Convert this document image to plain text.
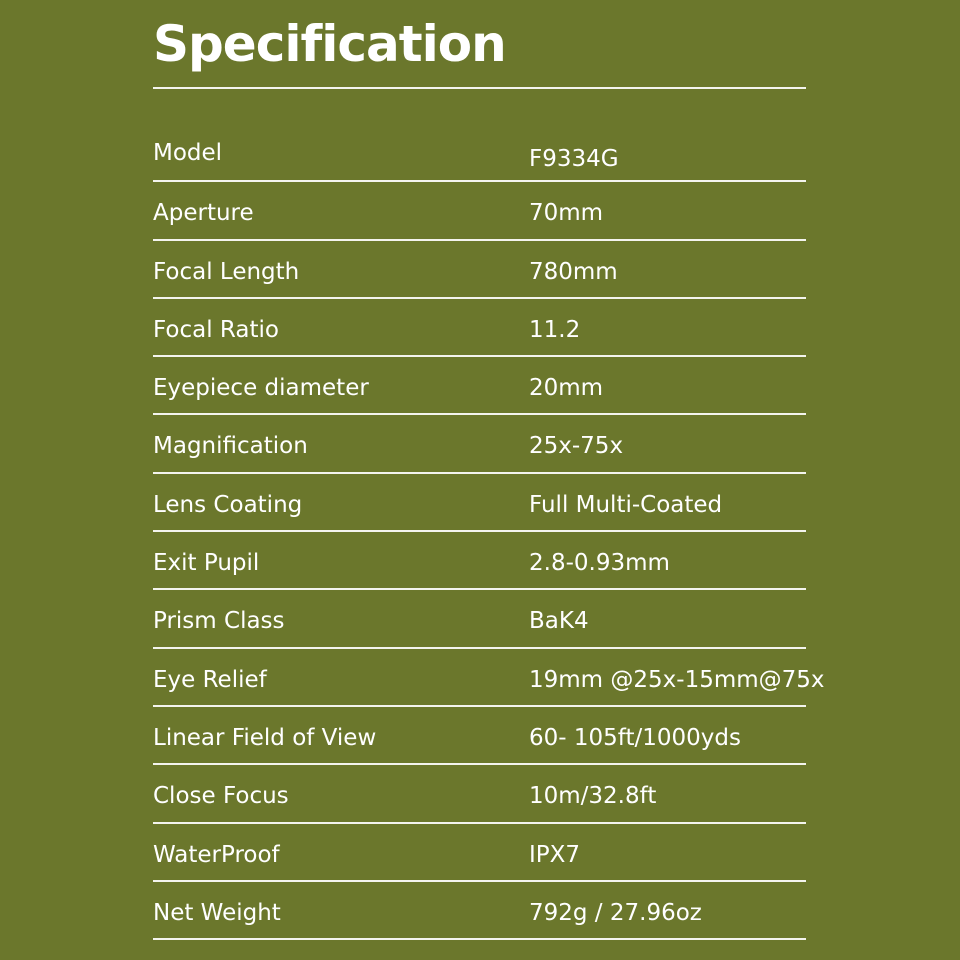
Specification
Model	F9334G
Aperture	70mm
Focal Length	780mm
Focal Ratio	11.2
Eyepiece diameter	20mm
Magnification	25x-75x
Lens Coating	Full Multi-Coated
Exit Pupil	2.8-0.93mm
Prism Class	BaK4
Eye Relief	19mm @25x-15mm@75x
Linear Field of View	60- 105ft/1000yds
Close Focus	10m/32.8ft
WaterProof	IPX7
Net Weight	792g / 27.96oz
